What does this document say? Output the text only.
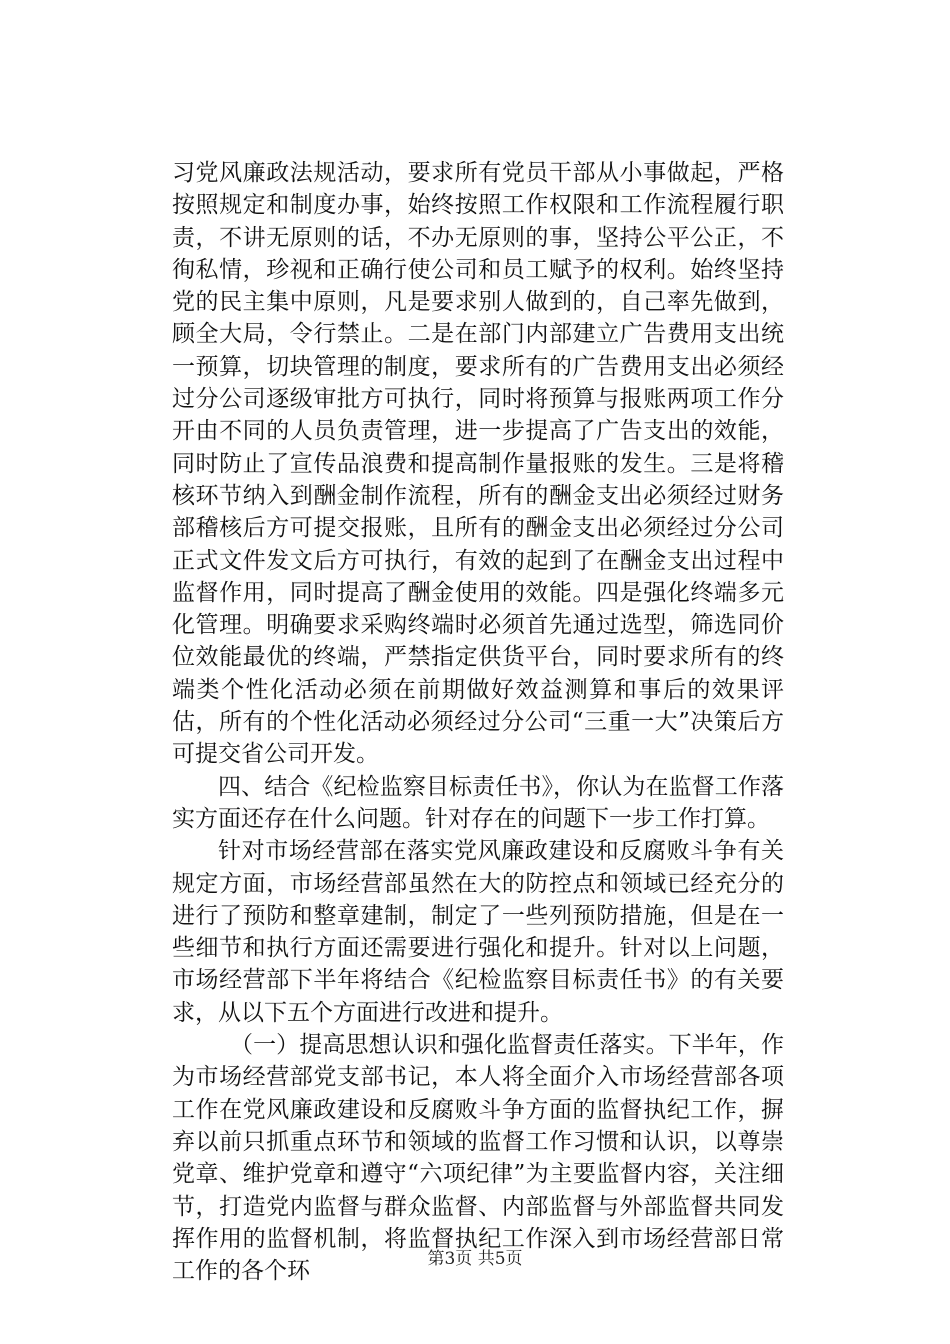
习党风廉政法规活动，要求所有党员干部从小事做起，严格按照规定和制度办事，始终按照工作权限和工作流程履行职责，不讲无原则的话，不办无原则的事，坚持公平公正，不徇私情，珍视和正确行使公司和员工赋予的权利。始终坚持党的民主集中原则，凡是要求别人做到的，自己率先做到，顾全大局，令行禁止。二是在部门内部建立广告费用支出统一预算，切块管理的制度，要求所有的广告费用支出必须经过分公司逐级审批方可执行，同时将预算与报账两项工作分开由不同的人员负责管理，进一步提高了广告支出的效能，同时防止了宣传品浪费和提高制作量报账的发生。三是将稽核环节纳入到酬金制作流程，所有的酬金支出必须经过财务部稽核后方可提交报账，且所有的酬金支出必须经过分公司正式文件发文后方可执行，有效的起到了在酬金支出过程中监督作用，同时提高了酬金使用的效能。四是强化终端多元化管理。明确要求采购终端时必须首先通过选型，筛选同价位效能最优的终端，严禁指定供货平台，同时要求所有的终端类个性化活动必须在前期做好效益测算和事后的效果评估，所有的个性化活动必须经过分公司“三重一大”决策后方可提交省公司开发。

四、结合《纪检监察目标责任书》，你认为在监督工作落实方面还存在什么问题。针对存在的问题下一步工作打算。

针对市场经营部在落实党风廉政建设和反腐败斗争有关规定方面，市场经营部虽然在大的防控点和领域已经充分的进行了预防和整章建制，制定了一些列预防措施，但是在一些细节和执行方面还需要进行强化和提升。针对以上问题，市场经营部下半年将结合《纪检监察目标责任书》的有关要求，从以下五个方面进行改进和提升。

（一）提高思想认识和强化监督责任落实。下半年，作为市场经营部党支部书记，本人将全面介入市场经营部各项工作在党风廉政建设和反腐败斗争方面的监督执纪工作，摒弃以前只抓重点环节和领域的监督工作习惯和认识，以尊崇党章、维护党章和遵守“六项纪律”为主要监督内容，关注细节，打造党内监督与群众监督、内部监督与外部监督共同发挥作用的监督机制，将监督执纪工作深入到市场经营部日常工作的各个环	第3页 共5页
